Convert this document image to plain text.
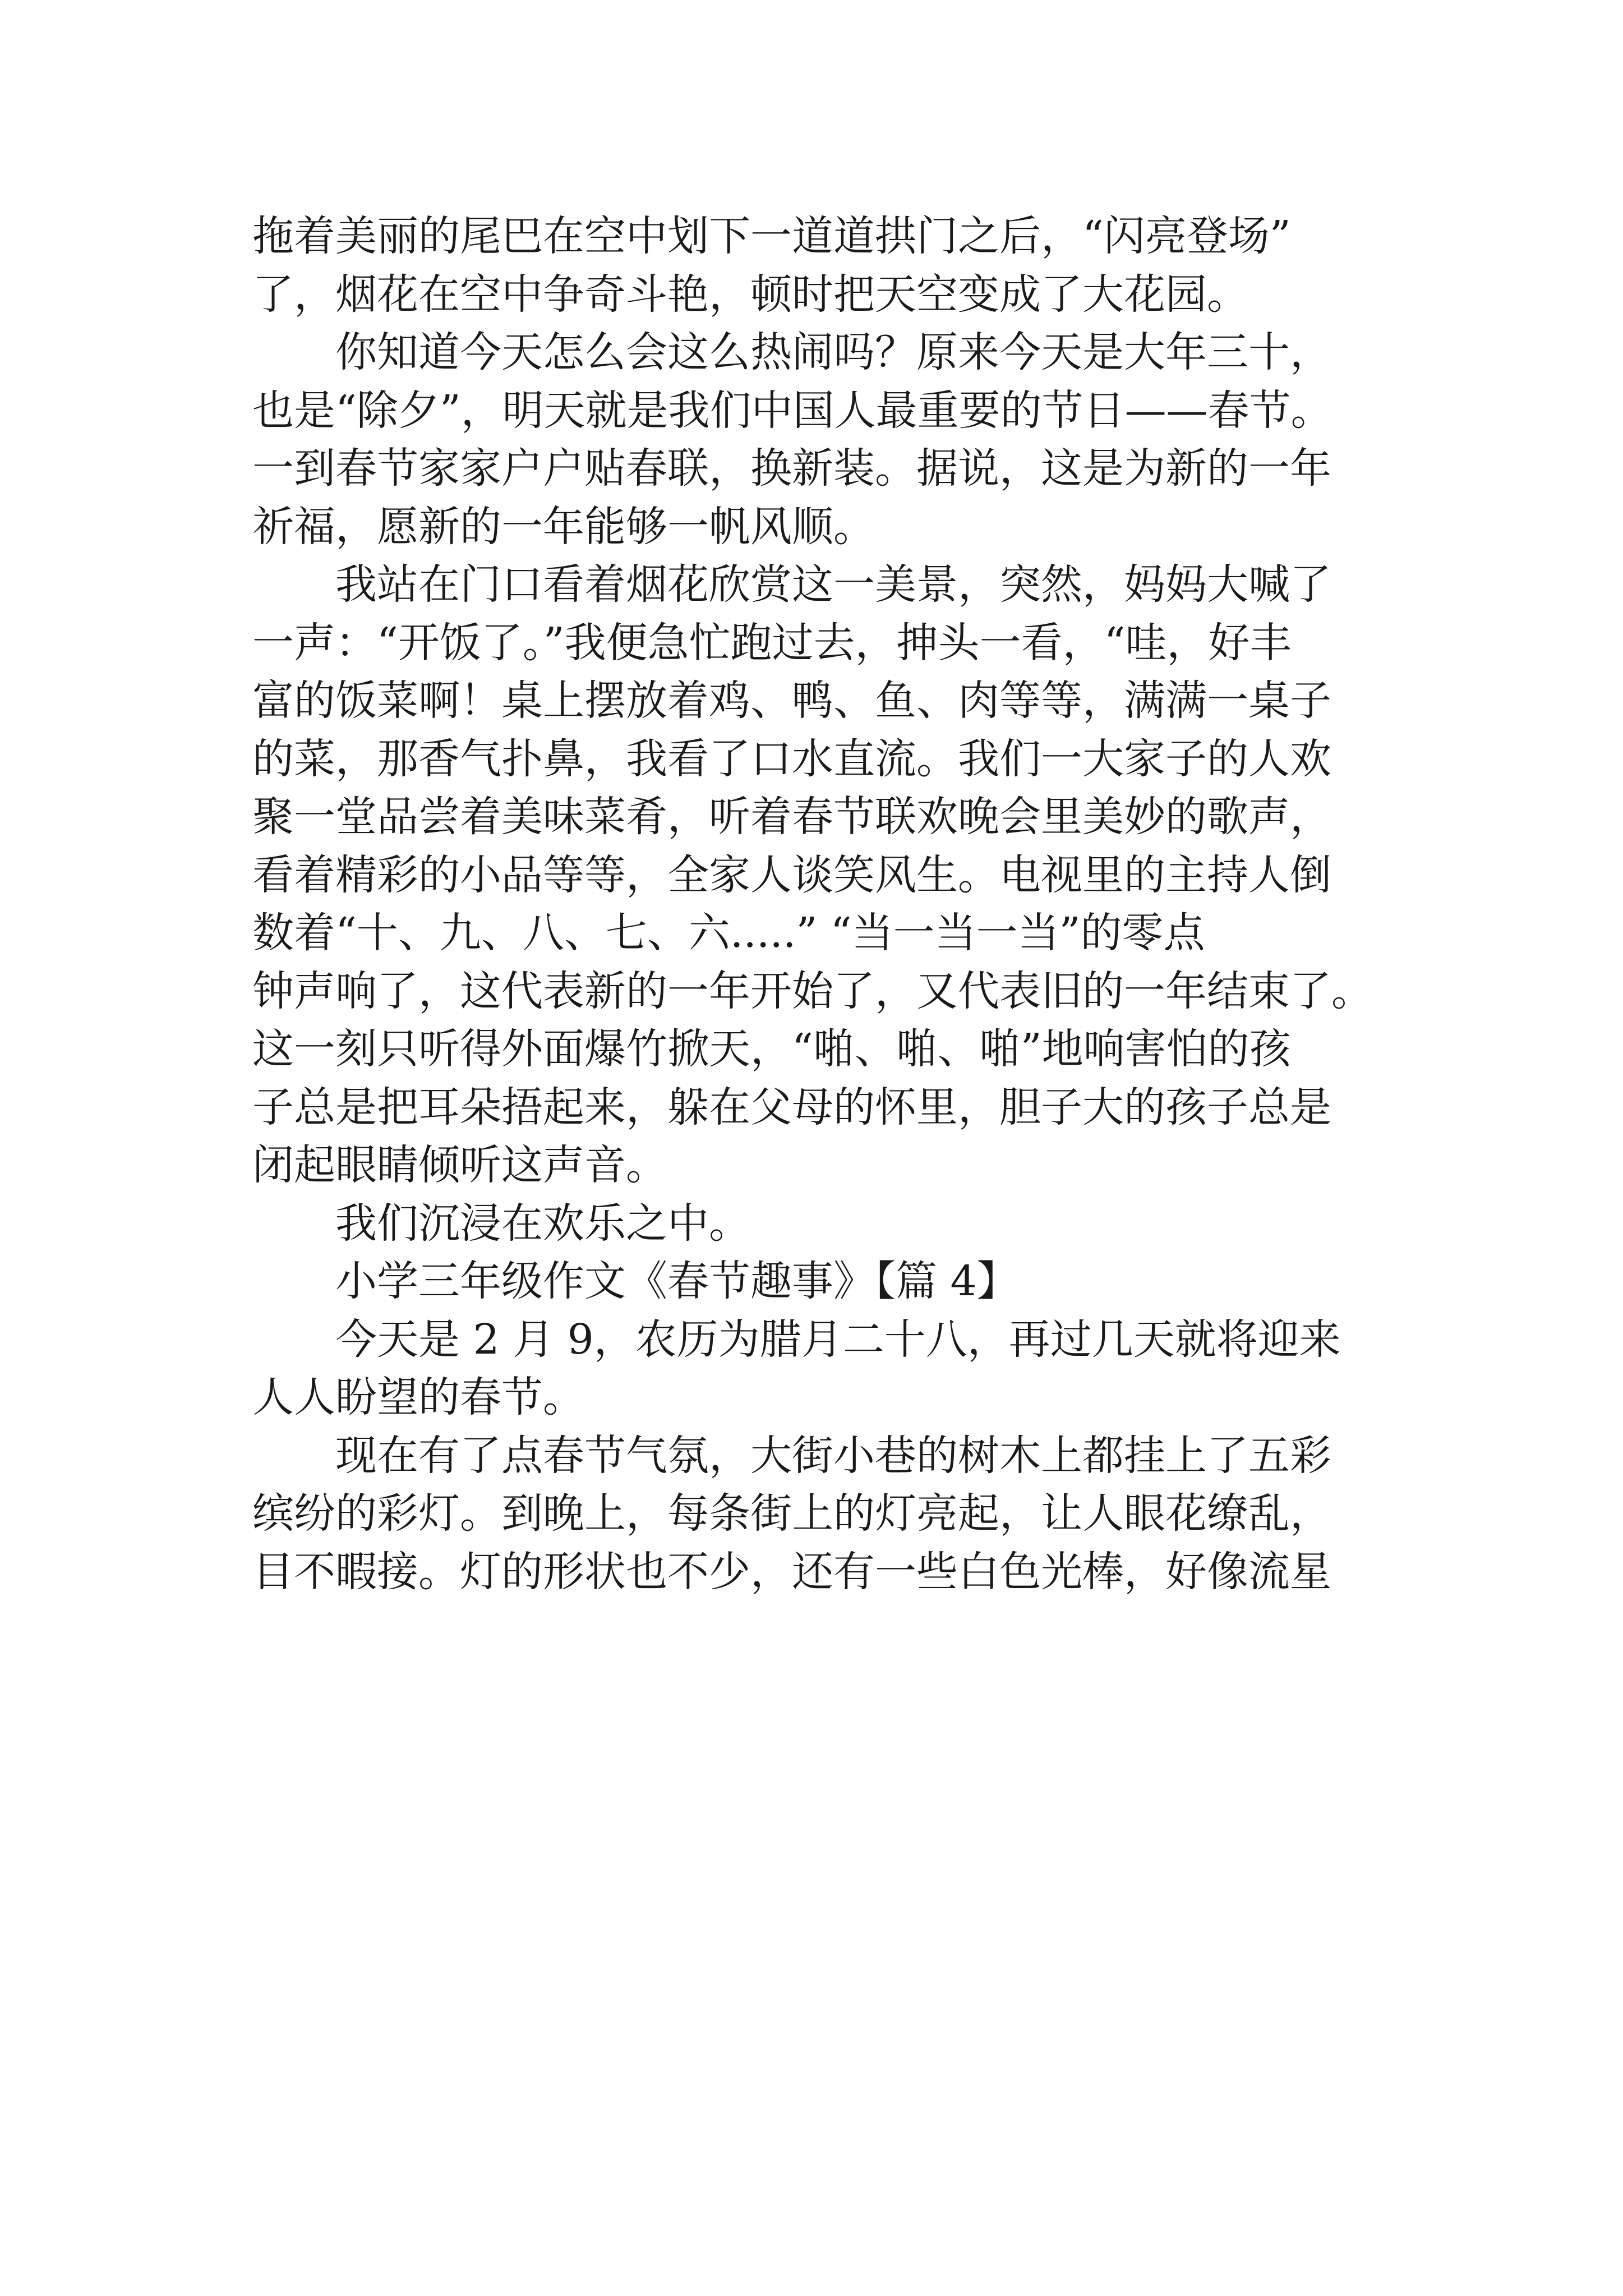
拖着美丽的尾巴在空中划下一道道拱门之后，“闪亮登场”
了，烟花在空中争奇斗艳，顿时把天空变成了大花园。
　　你知道今天怎么会这么热闹吗？原来今天是大年三十，
也是“除夕”，明天就是我们中国人最重要的节日——春节。
一到春节家家户户贴春联，换新装。据说，这是为新的一年
祈福，愿新的一年能够一帆风顺。
　　我站在门口看着烟花欣赏这一美景，突然，妈妈大喊了
一声：“开饭了。”我便急忙跑过去，抻头一看，“哇，好丰
富的饭菜啊！桌上摆放着鸡、鸭、鱼、肉等等，满满一桌子
的菜，那香气扑鼻，我看了口水直流。我们一大家子的人欢
聚一堂品尝着美味菜肴，听着春节联欢晚会里美妙的歌声，
看着精彩的小品等等，全家人谈笑风生。电视里的主持人倒
数着“十、九、八、七、六.....” “当一当一当”的零点
钟声响了，这代表新的一年开始了，又代表旧的一年结束了。
这一刻只听得外面爆竹掀天，“啪、啪、啪”地响害怕的孩
子总是把耳朵捂起来，躲在父母的怀里，胆子大的孩子总是
闭起眼睛倾听这声音。
　　我们沉浸在欢乐之中。
　　小学三年级作文《春节趣事》【篇 4】
　　今天是 2 月 9，农历为腊月二十八，再过几天就将迎来
人人盼望的春节。
　　现在有了点春节气氛，大街小巷的树木上都挂上了五彩
缤纷的彩灯。到晚上，每条街上的灯亮起，让人眼花缭乱，
目不暇接。灯的形状也不少，还有一些白色光棒，好像流星
